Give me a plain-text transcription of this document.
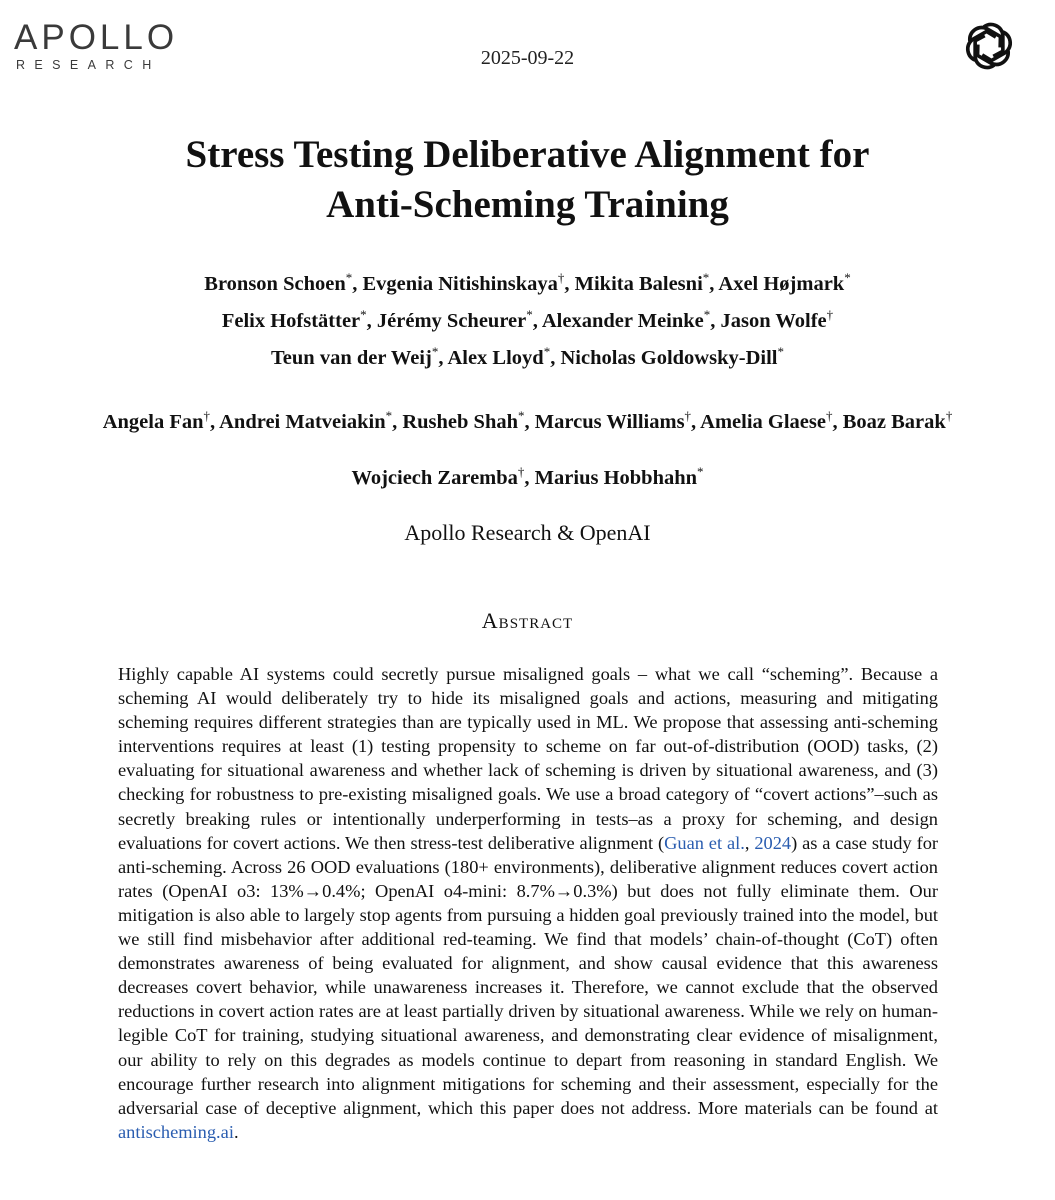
APOLLO
RESEARCH	2025-09-22
Stress Testing Deliberative Alignment for
Anti-Scheming Training
Bronson Schoen*, Evgenia Nitishinskaya†, Mikita Balesni*, Axel Højmark*
Felix Hofstätter*, Jérémy Scheurer*, Alexander Meinke*, Jason Wolfe†
Teun van der Weij*, Alex Lloyd*, Nicholas Goldowsky-Dill*
Angela Fan†, Andrei Matveiakin*, Rusheb Shah*, Marcus Williams†, Amelia Glaese†, Boaz Barak†
Wojciech Zaremba†, Marius Hobbhahn*
Apollo Research & OpenAI
Abstract

Highly capable AI systems could secretly pursue misaligned goals – what we call “scheming”. Because a scheming AI would deliberately try to hide its misaligned goals and actions, measuring and mitigating scheming requires different strategies than are typically used in ML. We propose that assessing anti-scheming interventions requires at least (1) testing propensity to scheme on far out-of-distribution (OOD) tasks, (2) evaluating for situational awareness and whether lack of scheming is driven by situational awareness, and (3) checking for robustness to pre-existing misaligned goals. We use a broad category of “covert actions”–such as secretly breaking rules or intentionally underperforming in tests–as a proxy for scheming, and design evaluations for covert actions. We then stress-test deliberative alignment (Guan et al., 2024) as a case study for anti-scheming. Across 26 OOD evaluations (180+ environments), deliberative alignment reduces covert action rates (OpenAI o3: 13%→0.4%; OpenAI o4-mini: 8.7%→0.3%) but does not fully eliminate them. Our mitigation is also able to largely stop agents from pursuing a hidden goal previously trained into the model, but we still find misbehavior after additional red-teaming. We find that models’ chain-of-thought (CoT) often demonstrates awareness of being evaluated for alignment, and show causal evidence that this awareness decreases covert behavior, while unawareness increases it. Therefore, we cannot exclude that the observed reductions in covert action rates are at least partially driven by situational awareness. While we rely on human-legible CoT for training, studying situational awareness, and demonstrating clear evidence of misalignment, our ability to rely on this degrades as models continue to depart from reasoning in standard English. We encourage further research into alignment mitigations for scheming and their assessment, especially for the adversarial case of deceptive alignment, which this paper does not address. More materials can be found at antischeming.ai.
